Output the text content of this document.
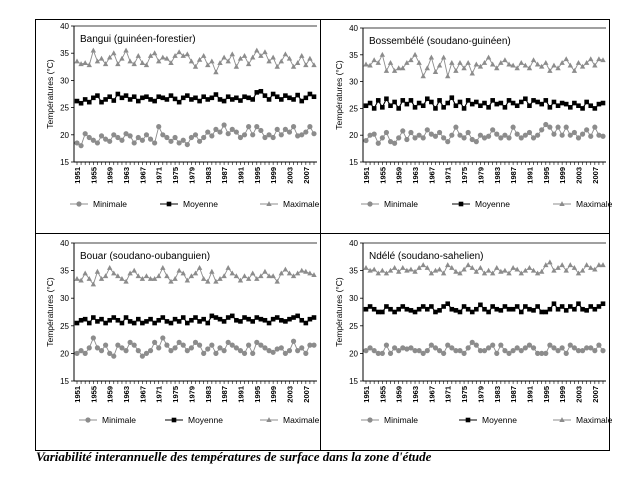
15
20
25
30
35
40
Températures (°C)
1951 1955 1959 1963 1967 1971 1975 1979 1983 1987 1991 1995 1999 2003 2007
Bangui (guinéen-forestier)
Minimale	Moyenne	Maximale
15
20
25
30
35
40
Températures (°C)
1951 1955 1959 1963 1967 1971 1975 1979 1983 1987 1991 1995 1999 2003 2007
Bossembélé (soudano-guinéen)
Minimale	Moyenne	Maximale
15
20
25
30
35
40
Températures (°C)
1951 1955 1959 1963 1967 1971 1975 1979 1983 1987 1991 1995 1999 2003 2007
Bouar (soudano-oubanguien)
Minimale	Moyenne	Maximale
15
20
25
30
35
40
Températures (°C)
1951 1955 1959 1963 1967 1971 1975 1979 1983 1987 1991 1995 1999 2003 2007
Ndélé (soudano-sahelien)
Minimale	Moyenne	Maximale
Variabilité interannuelle des températures de surface dans la zone d'étude
